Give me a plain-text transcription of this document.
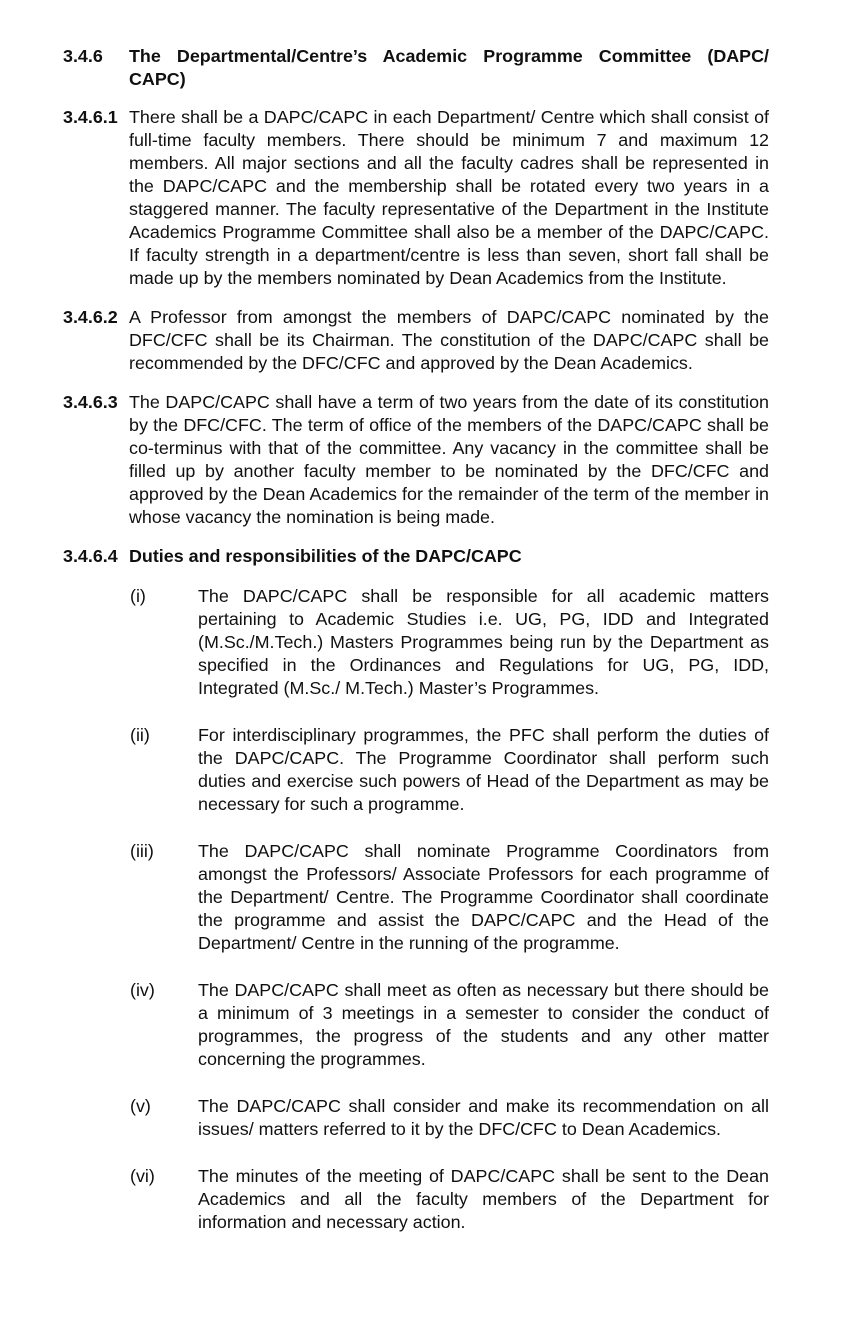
3.4.6	The Departmental/Centre’s Academic Programme Committee (DAPC/​CAPC)
3.4.6.1 There shall be a DAPC/CAPC in each Department/ Centre which shall consist of full-time faculty members. There should be minimum 7 and maximum 12 members. All major sections and all the faculty cadres shall be represented in the DAPC/CAPC and the membership shall be rotated every two years in a staggered manner. The faculty representative of the Department in the Institute Academics Programme Committee shall also be a member of the DAPC/CAPC. If faculty strength in a department/centre is less than seven, short fall shall be made up by the members nominated by Dean Academics from the Institute.
3.4.6.2 A Professor from amongst the members of DAPC/CAPC nominated by the DFC/CFC shall be its Chairman. The constitution of the DAPC/CAPC shall be recommended by the DFC/CFC and approved by the Dean Academics.
3.4.6.3 The DAPC/CAPC shall have a term of two years from the date of its constitution by the DFC/CFC. The term of office of the members of the DAPC/CAPC shall be co-terminus with that of the committee. Any vacancy in the committee shall be filled up by another faculty member to be nominated by the DFC/​CFC and approved by the Dean Academics for the remainder of the term of the member in whose vacancy the nomination is being made.
3.4.6.4 Duties and responsibilities of the DAPC/CAPC
(i)	The DAPC/CAPC shall be responsible for all academic matters pertaining to Academic Studies i.e. UG, PG, IDD and Integrated (M.Sc./M.Tech.) Masters Programmes being run by the Department as specified in the Ordinances and Regulations for UG, PG, IDD, Integrated (M.Sc./ M.Tech.) Master’s Programmes.
(ii)	For interdisciplinary programmes, the PFC shall perform the duties of the DAPC/CAPC. The Programme Coordinator shall perform such duties and exercise such powers of Head of the Department as may be necessary for such a programme.
(iii)	The DAPC/CAPC shall nominate Programme Coordinators from amongst the Professors/ Associate Professors for each programme of the Department/ Centre. The Programme Coordinator shall coordinate the programme and assist the DAPC/CAPC and the Head of the Department/ Centre in the running of the programme.
(iv)	The DAPC/CAPC shall meet as often as necessary but there should be a minimum of 3 meetings in a semester to consider the conduct of programmes, the progress of the students and any other matter concerning the programmes.
(v)	The DAPC/CAPC shall consider and make its recommendation on all issues/ matters referred to it by the DFC/CFC to Dean Academics.
(vi)	The minutes of the meeting of DAPC/CAPC shall be sent to the Dean Academics and all the faculty members of the Department for information and necessary action.
